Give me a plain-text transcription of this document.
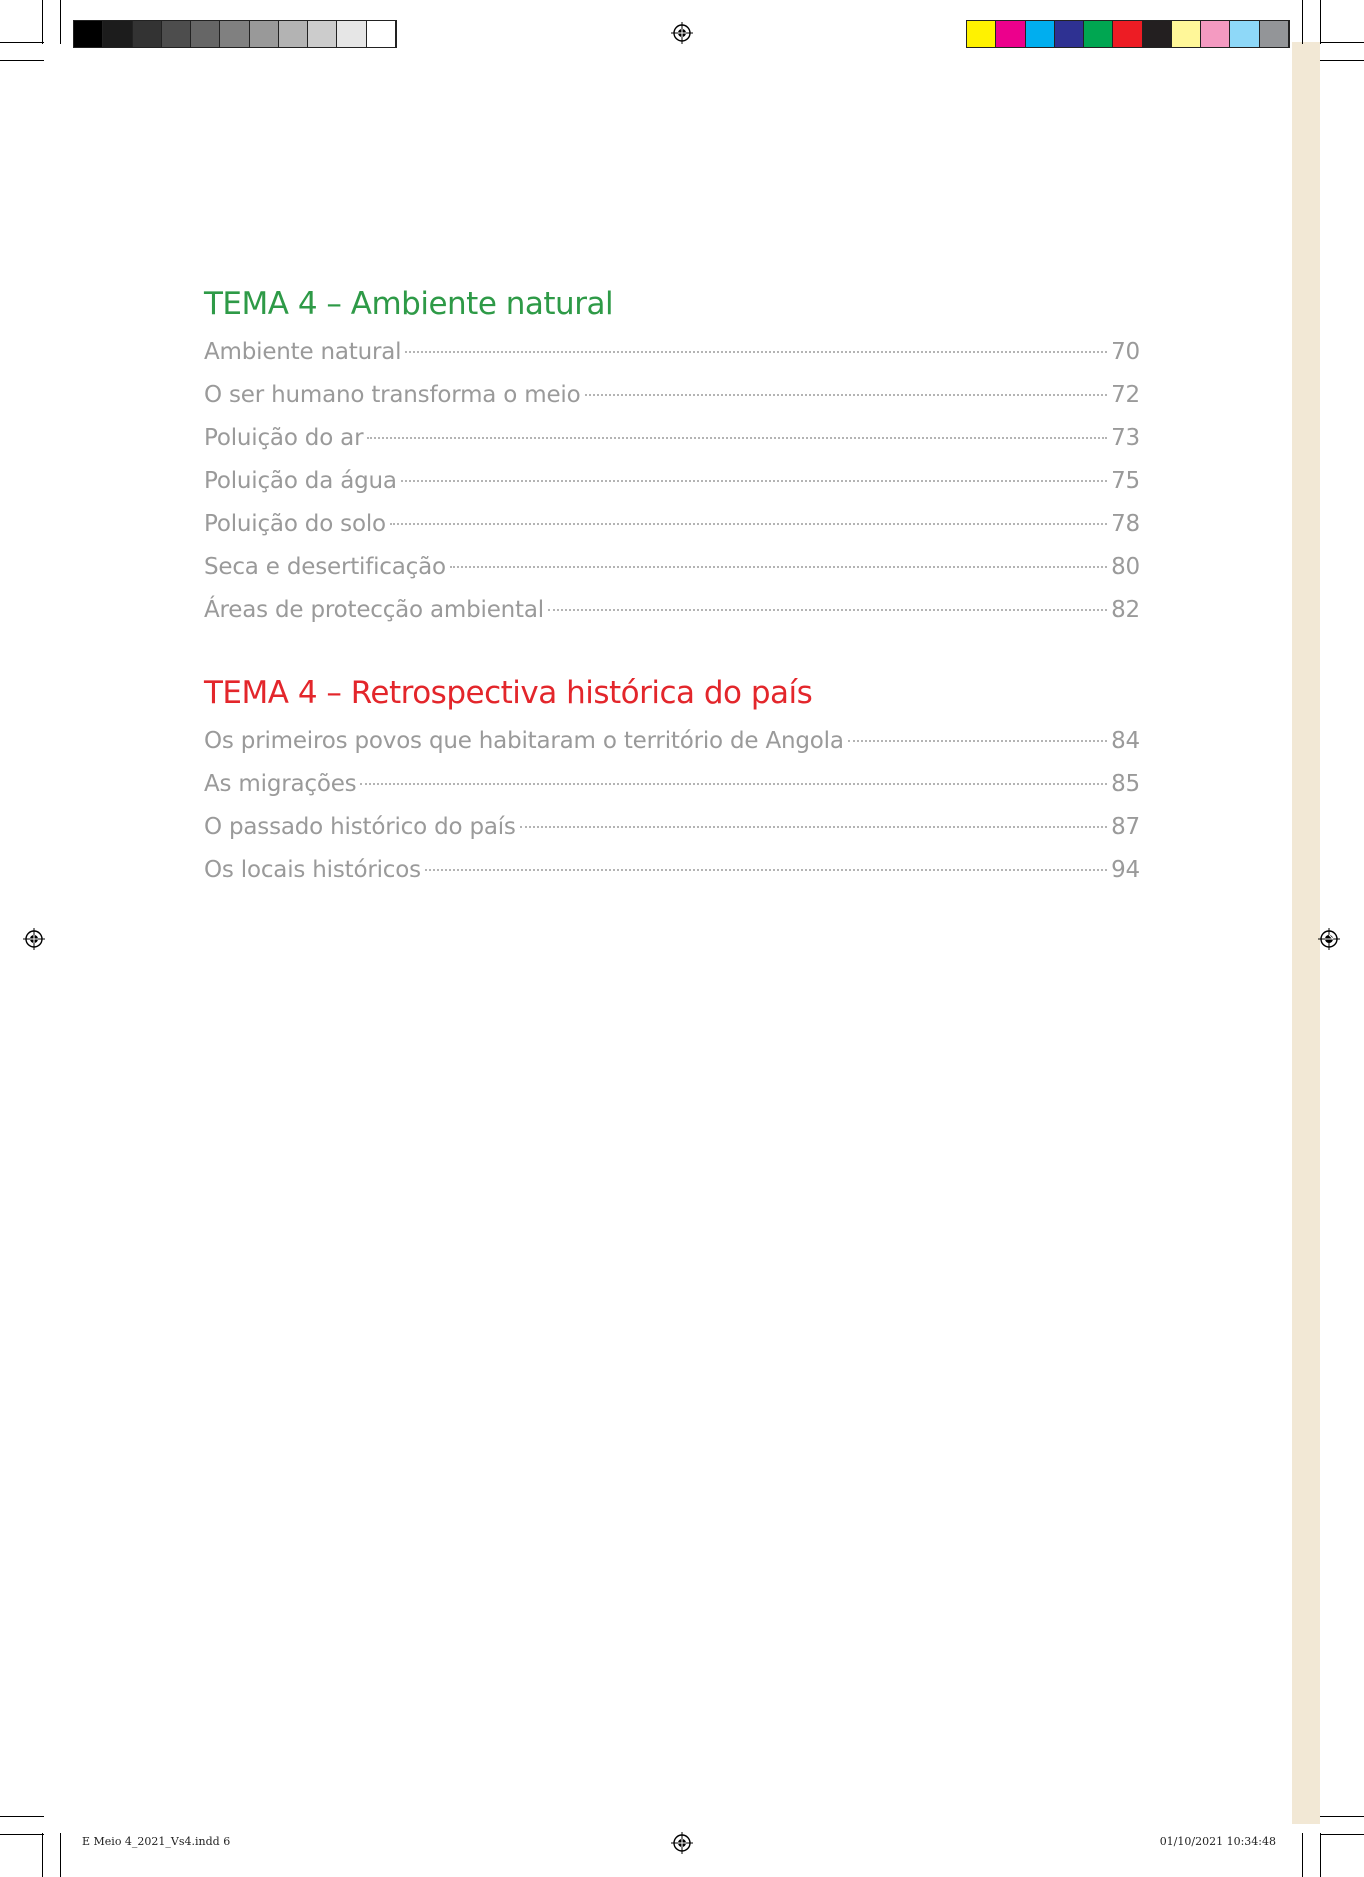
TEMA 4 – Ambiente natural
Ambiente natural	70
O ser humano transforma o meio	72
Poluição do ar	73
Poluição da água	75
Poluição do solo	78
Seca e desertificação	80
Áreas de protecção ambiental	82
TEMA 4 – Retrospectiva histórica do país
Os primeiros povos que habitaram o território de Angola	84
As migrações	85
O passado histórico do país	87
Os locais históricos	94
E Meio 4_2021_Vs4.indd 6	01/10/2021 10:34:48
